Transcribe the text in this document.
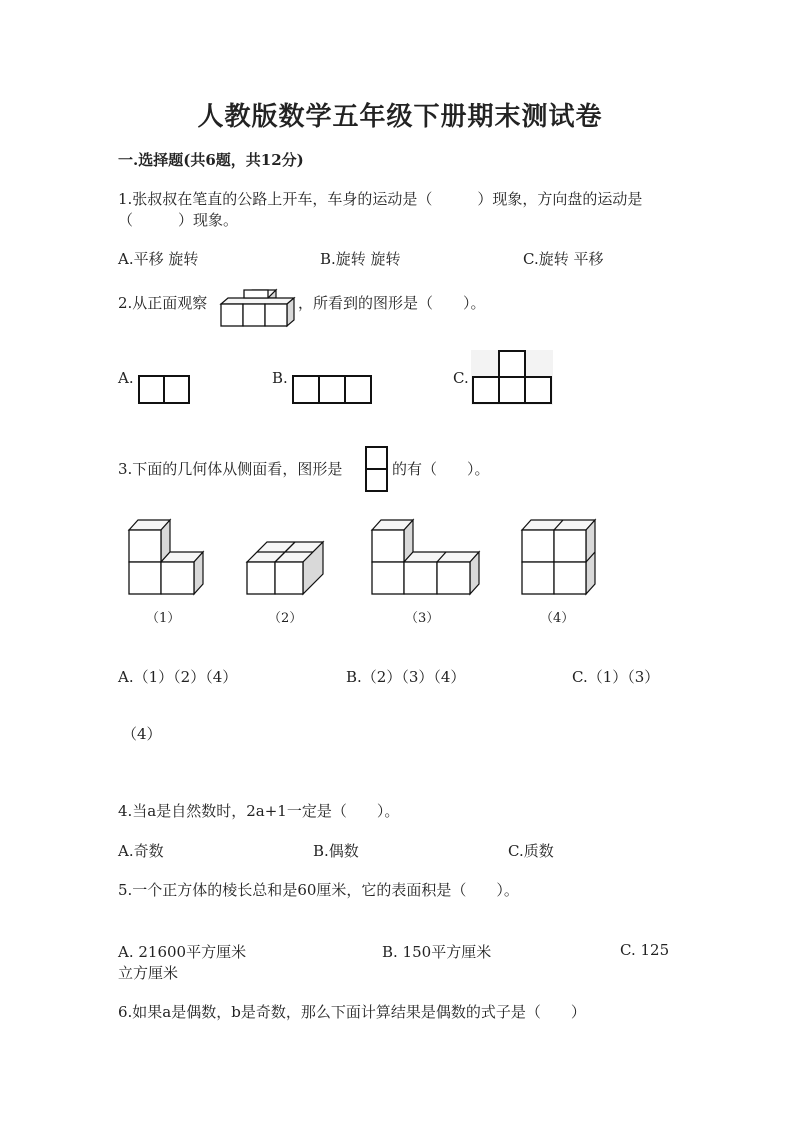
人教版数学五年级下册期末测试卷
一.选择题(共6题，共12分)
1.张叔叔在笔直的公路上开车，车身的运动是（　　　）现象，方向盘的运动是
（　　　）现象。
A.平移 旋转	B.旋转 旋转	C.旋转 平移
2.从正面观察	，所看到的图形是（　　）。
A.	B.	C.
3.下面的几何体从侧面看，图形是	的有（　　）。
（1）	（2）	（3）	（4）
A.（1）（2）（4）	B.（2）（3）（4）	C.（1）（3）
（4）
4.当a是自然数时，2a+1一定是（　　）。
A.奇数	B.偶数	C.质数
5.一个正方体的棱长总和是60厘米，它的表面积是（　　）。
A. 21600平方厘米	B. 150平方厘米	C. 125
立方厘米
6.如果a是偶数，b是奇数，那么下面计算结果是偶数的式子是（　　）
